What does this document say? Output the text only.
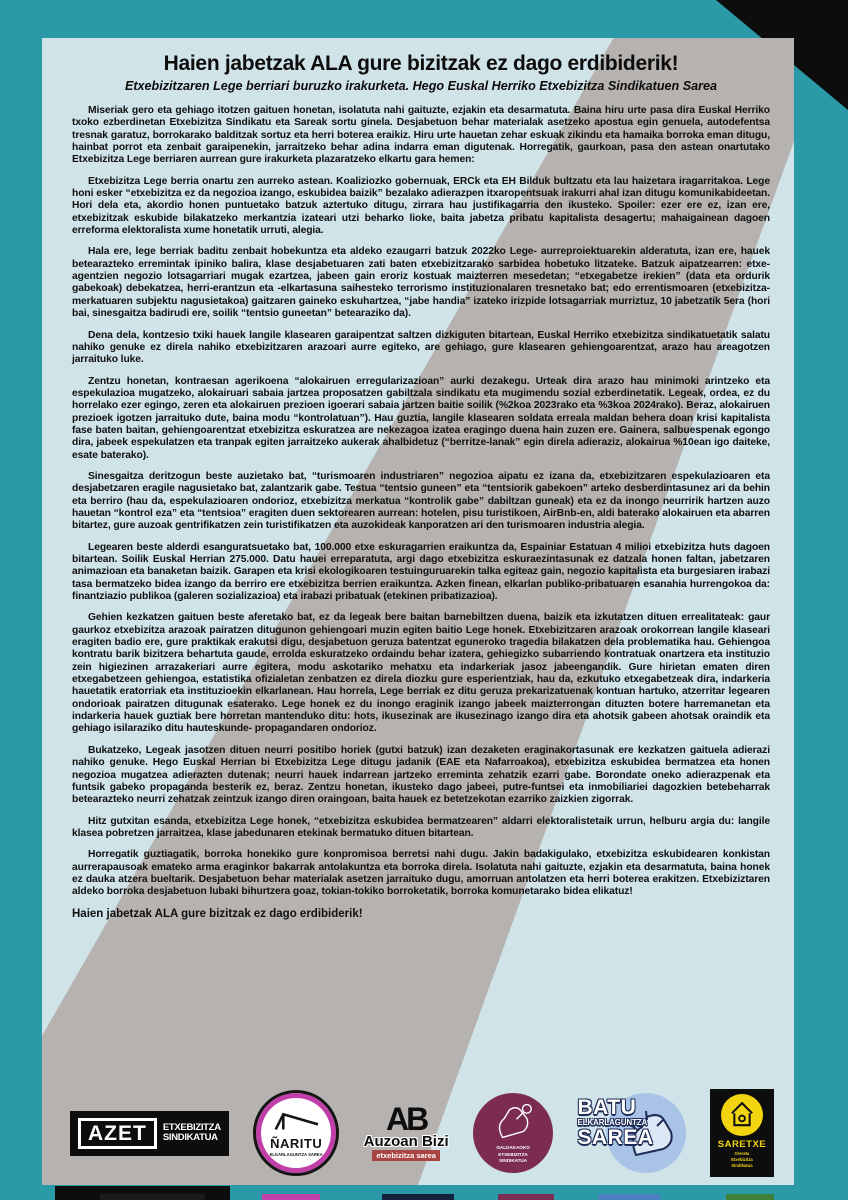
Haien jabetzak ALA gure bizitzak ez dago erdibiderik!
Etxebizitzaren Lege berriari buruzko irakurketa. Hego Euskal Herriko Etxebizitza Sindikatuen Sarea

Miseriak gero eta gehiago itotzen gaituen honetan, isolatuta nahi gaituzte, ezjakin eta desarmatuta. Baina hiru urte pasa dira Euskal Herriko txoko ezberdinetan Etxebizitza Sindikatu eta Sareak sortu ginela. Desjabetuon behar materialak asetzeko apostua egin genuela, autodefentsa tresnak garatuz, borrokarako balditzak sortuz eta herri boterea eraikiz. Hiru urte hauetan zehar eskuak zikindu eta hamaika borroka eman ditugu, hainbat porrot eta zenbait garaipenekin, jarraitzeko behar adina indarra eman digutenak. Horregatik, gaurkoan, pasa den astean onartutako Etxebizitza Lege berriaren aurrean gure irakurketa plazaratzeko elkartu gara hemen:

Etxebizitza Lege berria onartu zen aurreko astean. Koaliziozko gobernuak, ERCk eta EH Bilduk bultzatu eta lau haizetara iragarritakoa. Lege honi esker “etxebizitza ez da negozioa izango, eskubidea baizik” bezalako adierazpen itxaropentsuak irakurri ahal izan ditugu komunikabideetan. Hori dela eta, akordio honen puntuetako batzuk aztertuko ditugu, zirrara hau justifikagarria den ikusteko. Spoiler: ezer ere ez, izan ere, etxebizitzak eskubide bilakatzeko merkantzia izateari utzi beharko lioke, baita jabetza pribatu kapitalista desagertu; mahaigainean dagoen erreforma elektoralista xume honetatik urruti, alegia.

Hala ere, lege berriak baditu zenbait hobekuntza eta aldeko ezaugarri batzuk 2022ko Lege- aurreproiektuarekin alderatuta, izan ere, hauek betearazteko erremintak ipiniko balira, klase desjabetuaren zati baten etxebizitzarako sarbidea hobetuko litzateke. Batzuk aipatzearren: etxe- agentzien negozio lotsagarriari mugak ezartzea, jabeen gain eroriz kostuak maizterren mesedetan; “etxegabetze irekien” (data eta ordurik gabekoak) debekatzea, herri-erantzun eta -elkartasuna saihesteko terrorismo instituzionalaren tresnetako bat; edo errentismoaren (etxebizitza-merkatuaren subjektu nagusietakoa) gaitzaren gaineko eskuhartzea, “jabe handia” izateko irizpide lotsagarriak murriztuz, 10 jabetzatik 5era (hori bai, sinesgaitza badirudi ere, soilik “tentsio guneetan” betearaziko da).

Dena dela, kontzesio txiki hauek langile klasearen garaipentzat saltzen dizkiguten bitartean, Euskal Herriko etxebizitza sindikatuetatik salatu nahiko genuke ez direla nahiko etxebizitzaren arazoari aurre egiteko, are gehiago, gure klasearen gehiengoarentzat, arazo hau areagotzen jarraituko luke.

Zentzu honetan, kontraesan agerikoena “alokairuen erregularizazioan” aurki dezakegu. Urteak dira arazo hau minimoki arintzeko eta espekulazioa mugatzeko, alokairuari sabaia jartzea proposatzen gabiltzala sindikatu eta mugimendu sozial ezberdinetatik. Legeak, ordea, ez du horrelako ezer egingo, zeren eta alokairuen prezioen igoerari sabaia jartzen baitie soilik (%2koa 2023rako eta %3koa 2024rako). Beraz, alokairuen prezioek igotzen jarraituko dute, baina modu “kontrolatuan”). Hau guztia, langile klasearen soldata erreala maldan behera doan krisi kapitalista fase baten baitan, gehiengoarentzat etxebizitza eskuratzea are nekezagoa izatea eragingo duena hain zuzen ere. Gainera, salbuespenak egongo dira, jabeek espekulatzen eta tranpak egiten jarraitzeko aukerak ahalbidetuz (“berritze-lanak” egin direla adieraziz, alokairua %10ean igo daiteke, esate baterako).

Sinesgaitza deritzogun beste auzietako bat, “turismoaren industriaren” negozioa aipatu ez izana da, etxebizitzaren espekulazioaren eta desjabetzaren eragile nagusietako bat, zalantzarik gabe. Testua “tentsio guneen” eta “tentsiorik gabekoen” arteko desberdintasunez ari da behin eta berriro (hau da, espekulazioaren ondorioz, etxebizitza merkatua “kontrolik gabe” dabiltzan guneak) eta ez da inongo neurririk hartzen auzo hauetan “kontrol eza” eta “tentsioa” eragiten duen sektorearen aurrean: hotelen, pisu turistikoen, AirBnb-en, aldi baterako alokairuen eta abarren bitartez, gure auzoak gentrifikatzen zein turistifikatzen eta auzokideak kanporatzen ari den turismoaren industria alegia.

Legearen beste alderdi esanguratsuetako bat, 100.000 etxe eskuragarrien eraikuntza da, Espainiar Estatuan 4 milioi etxebizitza huts dagoen bitartean. Soilik Euskal Herrian 275.000. Datu hauei erreparatuta, argi dago etxebizitza eskuraezintasunak ez datzala honen faltan, jabetzaren animazioan eta banaketan baizik. Garapen eta krisi ekologikoaren testuinguruarekin talka egiteaz gain, negozio kapitalista eta burgesiaren irabazi tasa bermatzeko bidea izango da berriro ere etxebizitza berrien eraikuntza. Azken finean, elkarlan publiko-pribatuaren esanahia hurrengokoa da: finantziazio publikoa (galeren sozializazioa) eta irabazi pribatuak (etekinen pribatizazioa).

Gehien kezkatzen gaituen beste aferetako bat, ez da legeak bere baitan barnebiltzen duena, baizik eta izkutatzen dituen errealitateak: gaur gaurkoz etxebizitza arazoak pairatzen ditugunon gehiengoari muzin egiten baitio Lege honek. Etxebizitzaren arazoak orokorrean langile klaseari eragiten badio ere, gure praktikak erakutsi digu, desjabetuon geruza batentzat eguneroko tragedia bilakatzen dela problematika hau. Gehiengoa kontratu barik bizitzera behartuta gaude, errolda eskuratzeko ordaindu behar izatera, gehiegizko subarriendo kontratuak onartzera eta instituzio zein higiezinen arrazakeriari aurre egitera, modu askotariko mehatxu eta indarkeriak jasoz jabeengandik. Gure hirietan ematen diren etxegabetzeen gehiengoa, estatistika ofizialetan zenbatzen ez direla diozku gure esperientziak, hau da, ezkutuko etxegabetzeak dira, indarkeria hauetatik eratorriak eta instituzioekin elkarlanean. Hau horrela, Lege berriak ez ditu geruza prekarizatuenak kontuan hartuko, atzerritar legearen ondorioak pairatzen ditugunak esaterako. Lege honek ez du inongo eraginik izango jabeek maizterrongan dituzten botere harremanetan eta indarkeria hauek guztiak bere horretan mantenduko ditu: hots, ikusezinak are ikusezinago izango dira eta ahotsik gabeen ahotsak oraindik eta gehiago isilaraziko ditu hauteskunde- propagandaren ondorioz.

Bukatzeko, Legeak jasotzen dituen neurri positibo horiek (gutxi batzuk) izan dezaketen eraginakortasunak ere kezkatzen gaituela adierazi nahiko genuke. Hego Euskal Herrian bi Etxebizitza Lege ditugu jadanik (EAE eta Nafarroakoa), etxebizitza eskubidea bermatzea eta honen negozioa mugatzea adierazten dutenak; neurri hauek indarrean jartzeko erreminta zehatzik ezarri gabe. Borondate oneko adierazpenak eta funtsik gabeko propaganda besterik ez, beraz. Zentzu honetan, ikusteko dago jabeei, putre-funtsei eta inmobiliariei dagozkien betebeharrak betearazteko neurri zehatzak zeintzuk izango diren oraingoan, baita hauek ez betetzekotan ezarriko zaizkien zigorrak.

Hitz gutxitan esanda, etxebizitza Lege honek, “etxebizitza eskubidea bermatzearen” aldarri elektoralistetaik urrun, helburu argia du: langile klasea pobretzen jarraitzea, klase jabedunaren etekinak bermatuko dituen bitartean.

Horregatik guztiagatik, borroka honekiko gure konpromisoa berretsi nahi dugu. Jakin badakigulako, etxebizitza eskubidearen konkistan aurrerapausoak emateko arma eraginkor bakarrak antolakuntza eta borroka direla. Isolatuta nahi gaituzte, ezjakin eta desarmatuta, baina honek ez dauka atzera bueltarik. Desjabetuon behar materialak asetzen jarraituko dugu, amorruan antolatzen eta herri boterea erakitzen. Etxebiziztaren aldeko borroka desjabetuon lubaki bihurtzera goaz, tokian-tokiko borroketatik, borroka komunetarako bidea elikatuz!

Haien jabetzak ALA gure bizitzak ez dago erdibiderik!

AZET	ETXEBIZITZA
SINDIKATUA	ÑARITU
ELKARLAGUNTZA SAREA
AB
Auzoan Bizi
etxebizitza sarea
GALDAKAOKO
ETXEBIZITZA
SINDIKATUA
BATU
ELKARLAGUNTZA
SAREA	SARETXE
Orereta
Etxebizitza
Sindikatua
